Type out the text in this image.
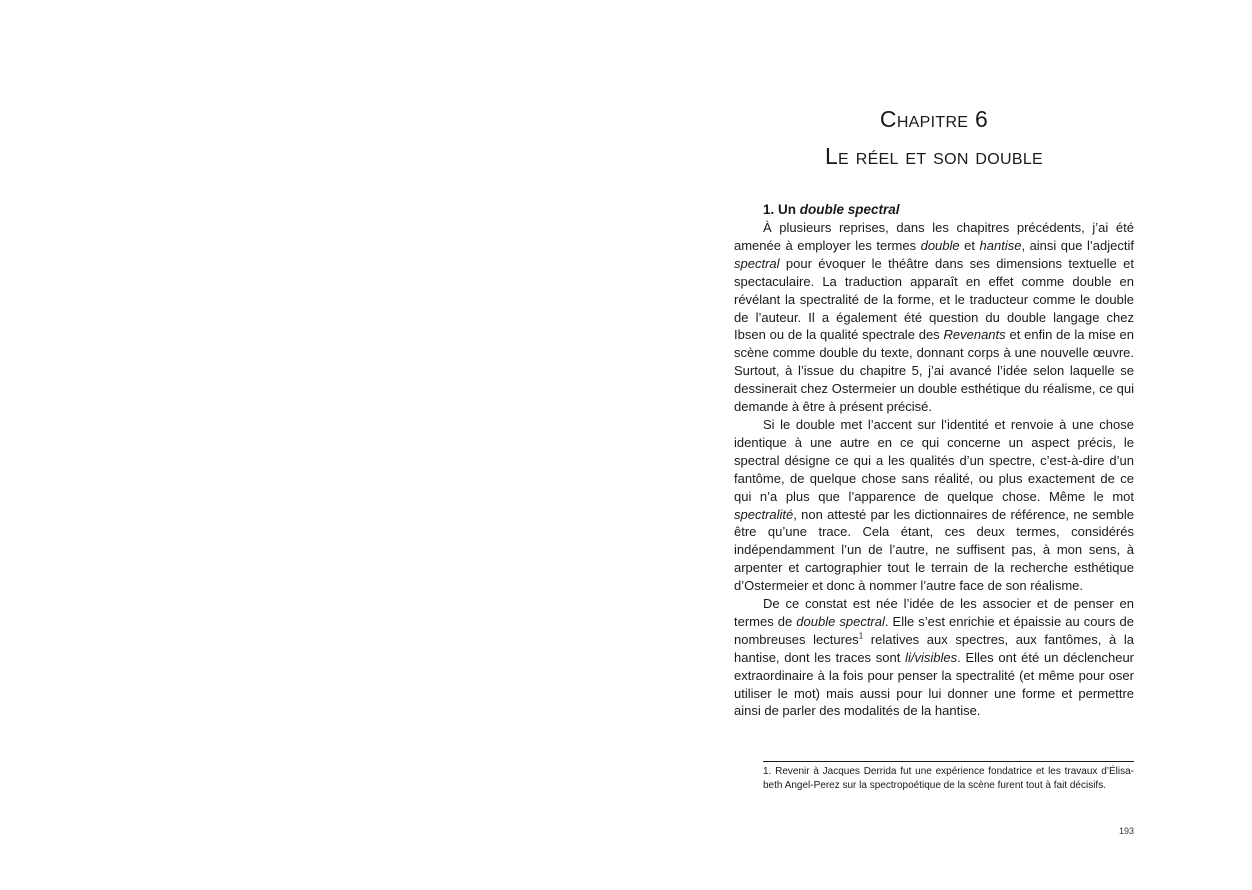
Chapitre 6
Le réel et son double
1. Un double spectral

À plusieurs reprises, dans les chapitres précédents, j’ai été amenée à employer les termes double et hantise, ainsi que l’adjectif spectral pour évoquer le théâtre dans ses dimensions textuelle et spectaculaire. La traduction apparaît en effet comme double en révélant la spectralité de la forme, et le traducteur comme le double de l’auteur. Il a également été question du double langage chez Ibsen ou de la qualité spectrale des Revenants et enfin de la mise en scène comme double du texte, donnant corps à une nouvelle œuvre. Surtout, à l’issue du chapitre 5, j’ai avancé l’idée selon laquelle se dessinerait chez Ostermeier un double esthétique du réalisme, ce qui demande à être à présent précisé.

Si le double met l’accent sur l’identité et renvoie à une chose identique à une autre en ce qui concerne un aspect précis, le spectral désigne ce qui a les qualités d’un spectre, c’est-à-dire d’un fantôme, de quelque chose sans réalité, ou plus exactement de ce qui n’a plus que l’apparence de quelque chose. Même le mot spectralité, non attesté par les dictionnaires de référence, ne semble être qu’une trace. Cela étant, ces deux termes, considérés indépendamment l’un de l’autre, ne suffisent pas, à mon sens, à arpenter et cartographier tout le terrain de la recherche esthétique d’Ostermeier et donc à nommer l’autre face de son réalisme.

De ce constat est née l’idée de les associer et de penser en termes de double spectral. Elle s’est enrichie et épaissie au cours de nombreuses lectures$^1$ relatives aux spectres, aux fantômes, à la hantise, dont les traces sont li/visibles. Elles ont été un déclencheur extraordinaire à la fois pour penser la spectralité (et même pour oser utiliser le mot) mais aussi pour lui donner une forme et permettre ainsi de parler des modalités de la hantise.

1. Revenir à Jacques Derrida fut une expérience fondatrice et les travaux d’Élisabeth Angel-Perez sur la spectropoétique de la scène furent tout à fait décisifs.

193
